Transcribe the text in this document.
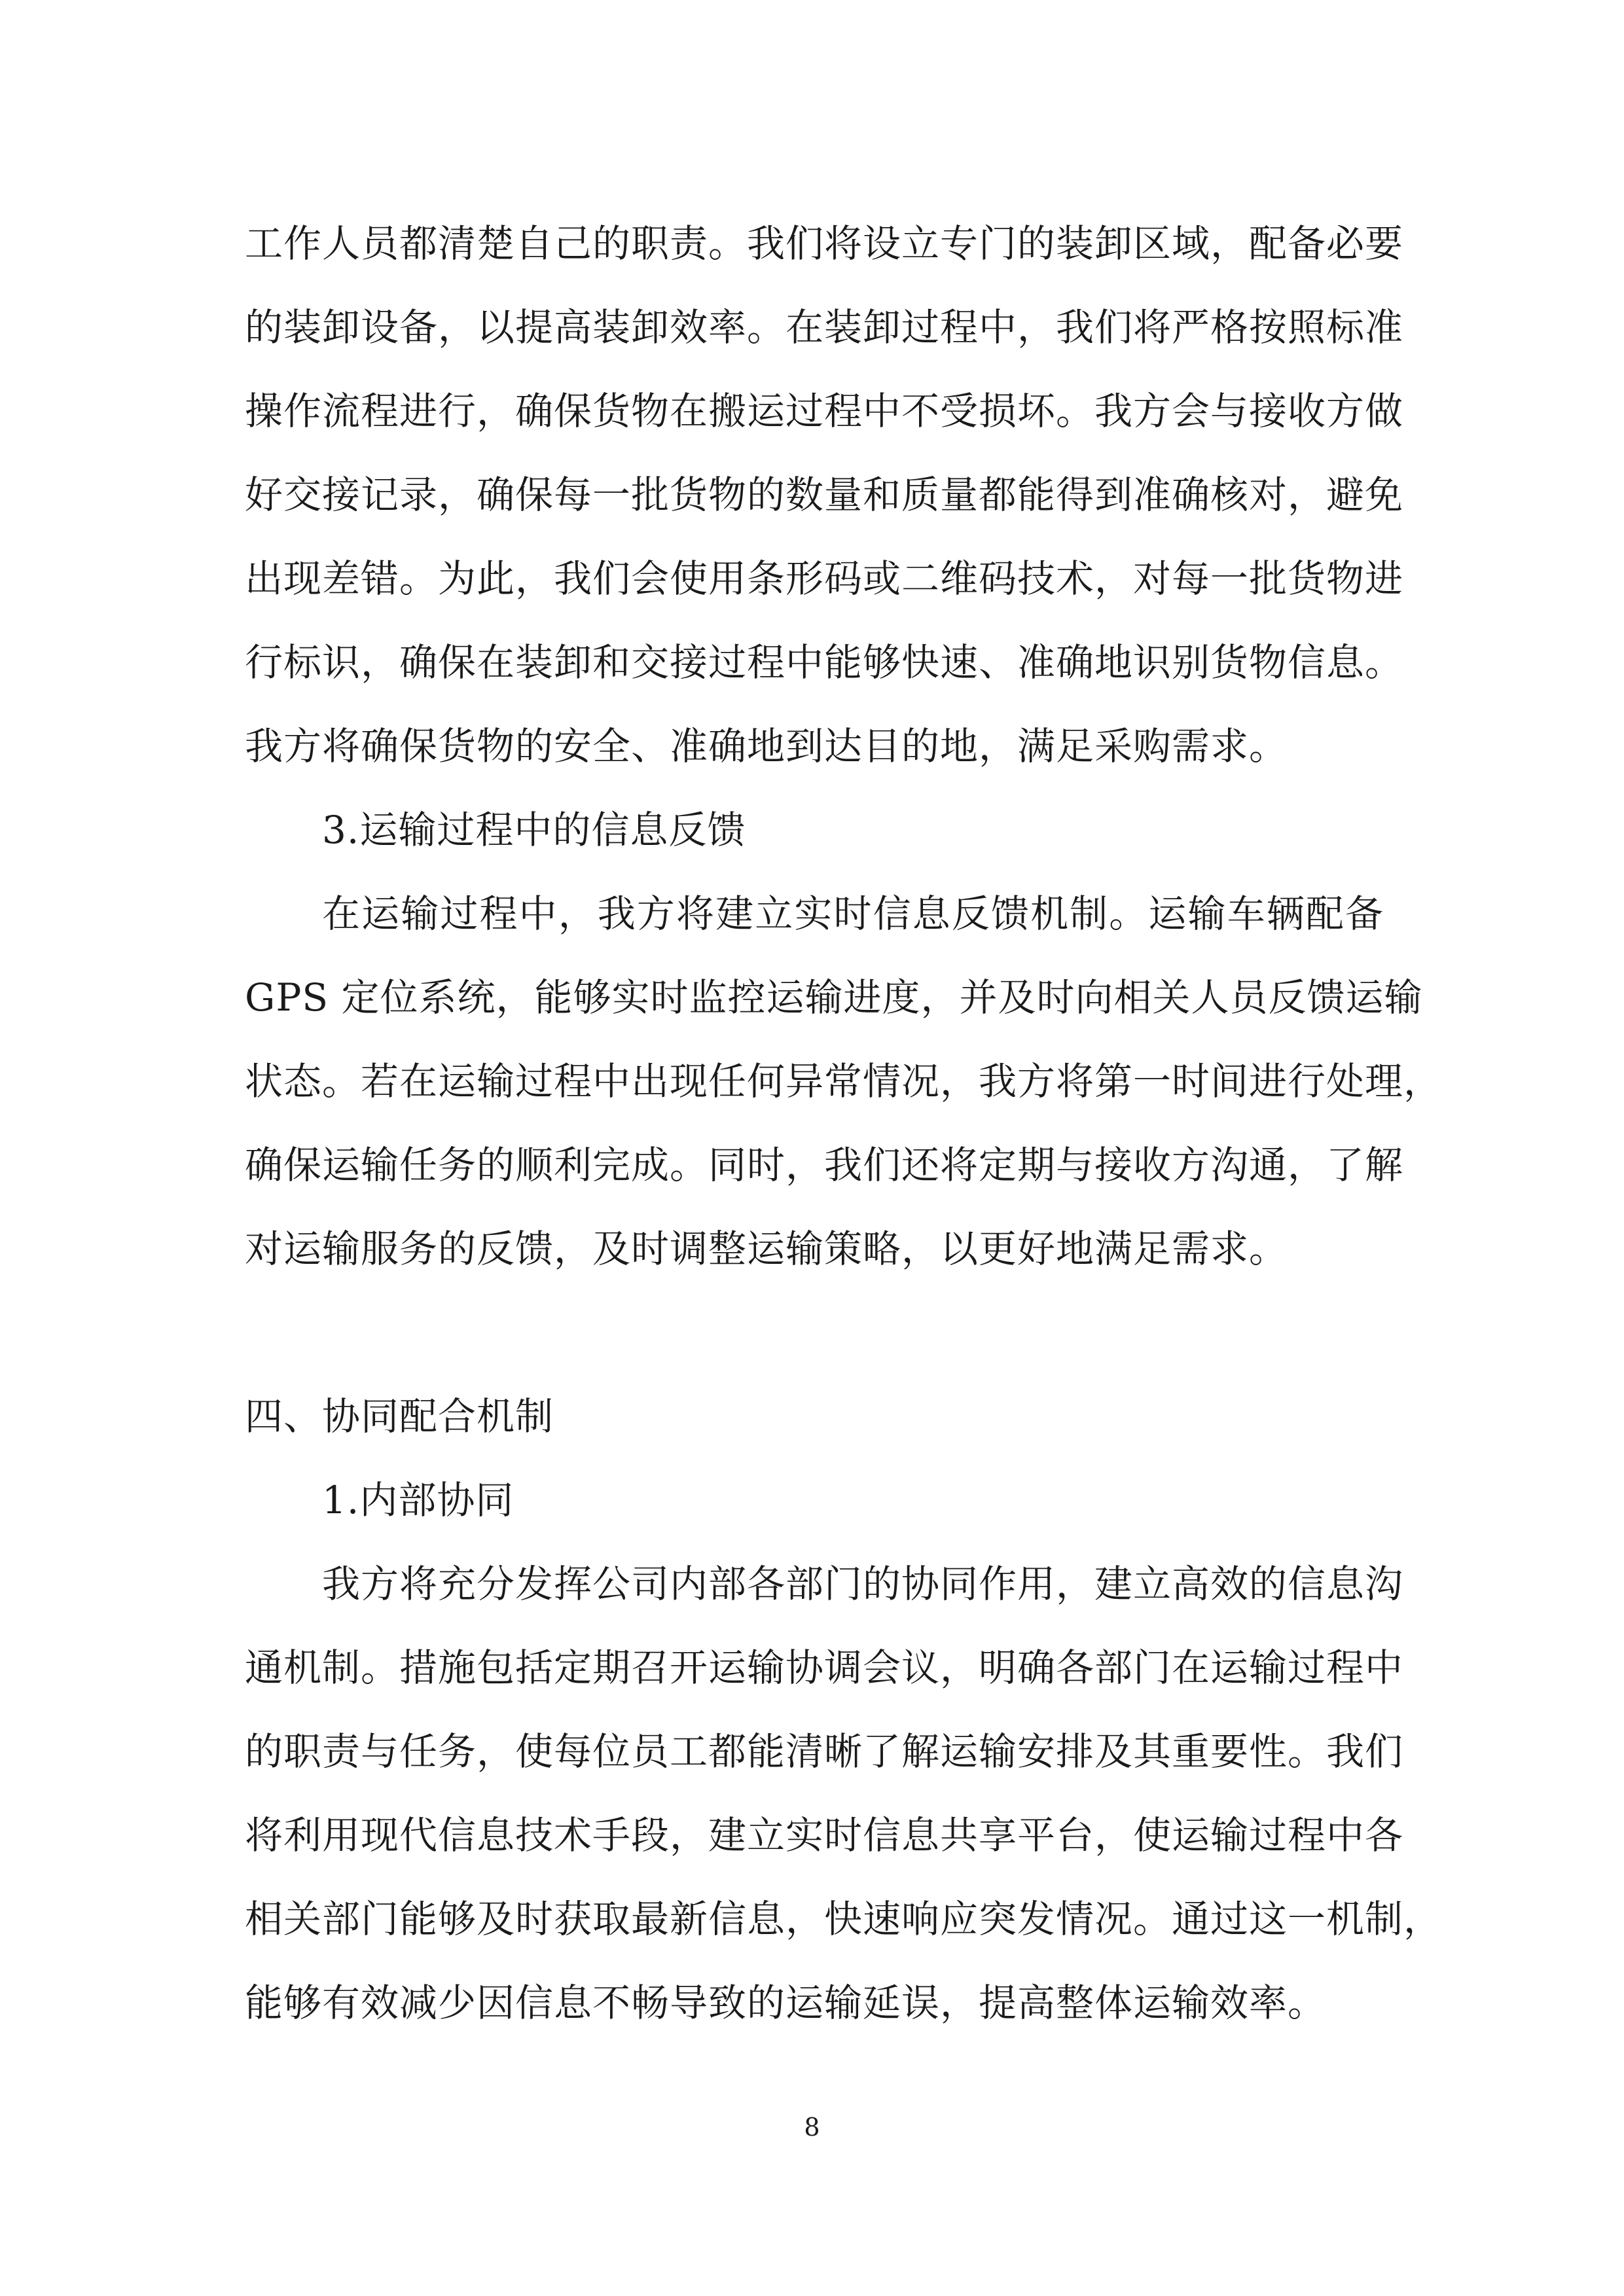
工作人员都清楚自己的职责。我们将设立专门的装卸区域，配备必要
的装卸设备，以提高装卸效率。在装卸过程中，我们将严格按照标准
操作流程进行，确保货物在搬运过程中不受损坏。我方会与接收方做
好交接记录，确保每一批货物的数量和质量都能得到准确核对，避免
出现差错。为此，我们会使用条形码或二维码技术，对每一批货物进
行标识，确保在装卸和交接过程中能够快速、准确地识别货物信息。
我方将确保货物的安全、准确地到达目的地，满足采购需求。
3.运输过程中的信息反馈
在运输过程中，我方将建立实时信息反馈机制。运输车辆配备
GPS 定位系统，能够实时监控运输进度，并及时向相关人员反馈运输
状态。若在运输过程中出现任何异常情况，我方将第一时间进行处理，
确保运输任务的顺利完成。同时，我们还将定期与接收方沟通，了解
对运输服务的反馈，及时调整运输策略，以更好地满足需求。
四、协同配合机制
1.内部协同
我方将充分发挥公司内部各部门的协同作用，建立高效的信息沟
通机制。措施包括定期召开运输协调会议，明确各部门在运输过程中
的职责与任务，使每位员工都能清晰了解运输安排及其重要性。我们
将利用现代信息技术手段，建立实时信息共享平台，使运输过程中各
相关部门能够及时获取最新信息，快速响应突发情况。通过这一机制，
能够有效减少因信息不畅导致的运输延误，提高整体运输效率。
8
